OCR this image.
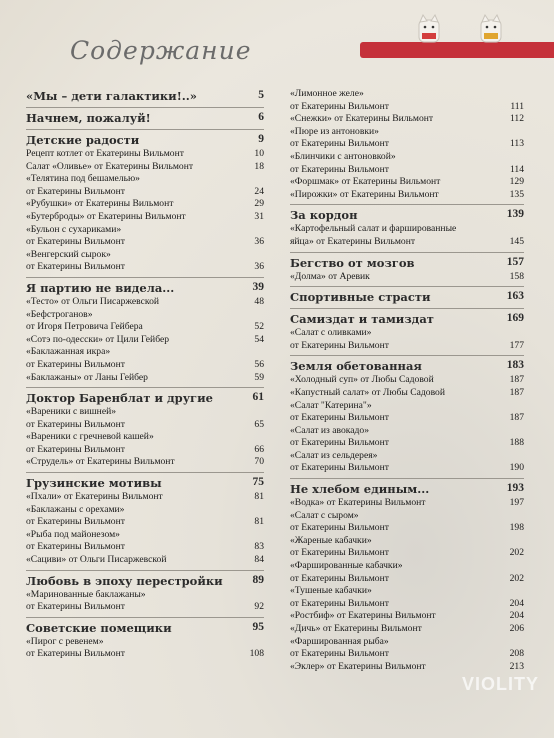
Содержание
«Мы – дети галактики!..»	5
Начнем, пожалуй!	6
Детские радости	9
Рецепт котлет от Екатерины Вильмонт	10
Салат «Оливье» от Екатерины Вильмонт	18
«Телятина под бешамелью»
от Екатерины Вильмонт	24
«Рубушки» от Екатерины Вильмонт	29
«Бутерброды» от Екатерины Вильмонт	31
«Бульон с сухариками»
от Екатерины Вильмонт	36
«Венгерский сырок»
от Екатерины Вильмонт	36
Я партию не видела...	39
«Тесто» от Ольги Писаржевской	48
«Бефстроганов»
от Игоря Петровича Гейбера	52
«Сотэ по-одесски» от Цили Гейбер	54
«Баклажанная икра»
от Екатерины Вильмонт	56
«Баклажаны» от Ланы Гейбер	59
Доктор Баренблат и другие	61
«Вареники с вишней»
от Екатерины Вильмонт	65
«Вареники с гречневой кашей»
от Екатерины Вильмонт	66
«Струдель» от Екатерины Вильмонт	70
Грузинские мотивы	75
«Пхали» от Екатерины Вильмонт	81
«Баклажаны с орехами»
от Екатерины Вильмонт	81
«Рыба под майонезом»
от Екатерины Вильмонт	83
«Сациви» от Ольги Писаржевской	84
Любовь в эпоху перестройки	89
«Маринованные баклажаны»
от Екатерины Вильмонт	92
Советские помещики	95
«Пирог с ревенем»
от Екатерины Вильмонт	108
«Лимонное желе»
от Екатерины Вильмонт	111
«Снежки» от Екатерины Вильмонт	112
«Пюре из антоновки»
от Екатерины Вильмонт	113
«Блинчики с антоновкой»
от Екатерины Вильмонт	114
«Форшмак» от Екатерины Вильмонт	129
«Пирожки» от Екатерины Вильмонт	135
За кордон	139
«Картофельный салат и фаршированные
яйца» от Екатерины Вильмонт	145
Бегство от мозгов	157
«Долма» от Аревик	158
Спортивные страсти	163
Самиздат и тамиздат	169
«Салат с оливками»
от Екатерины Вильмонт	177
Земля обетованная	183
«Холодный суп» от Любы Садовой	187
«Капустный салат» от Любы Садовой	187
«Салат "Катерина"»
от Екатерины Вильмонт	187
«Салат из авокадо»
от Екатерины Вильмонт	188
«Салат из сельдерея»
от Екатерины Вильмонт	190
Не хлебом единым...	193
«Водка» от Екатерины Вильмонт	197
«Салат с сыром»
от Екатерины Вильмонт	198
«Жареные кабачки»
от Екатерины Вильмонт	202
«Фаршированные кабачки»
от Екатерины Вильмонт	202
«Тушеные кабачки»
от Екатерины Вильмонт	204
«Ростбиф» от Екатерины Вильмонт	204
«Дичь» от Екатерины Вильмонт	206
«Фаршированная рыба»
от Екатерины Вильмонт	208
«Эклер» от Екатерины Вильмонт	213
VIOLITY
